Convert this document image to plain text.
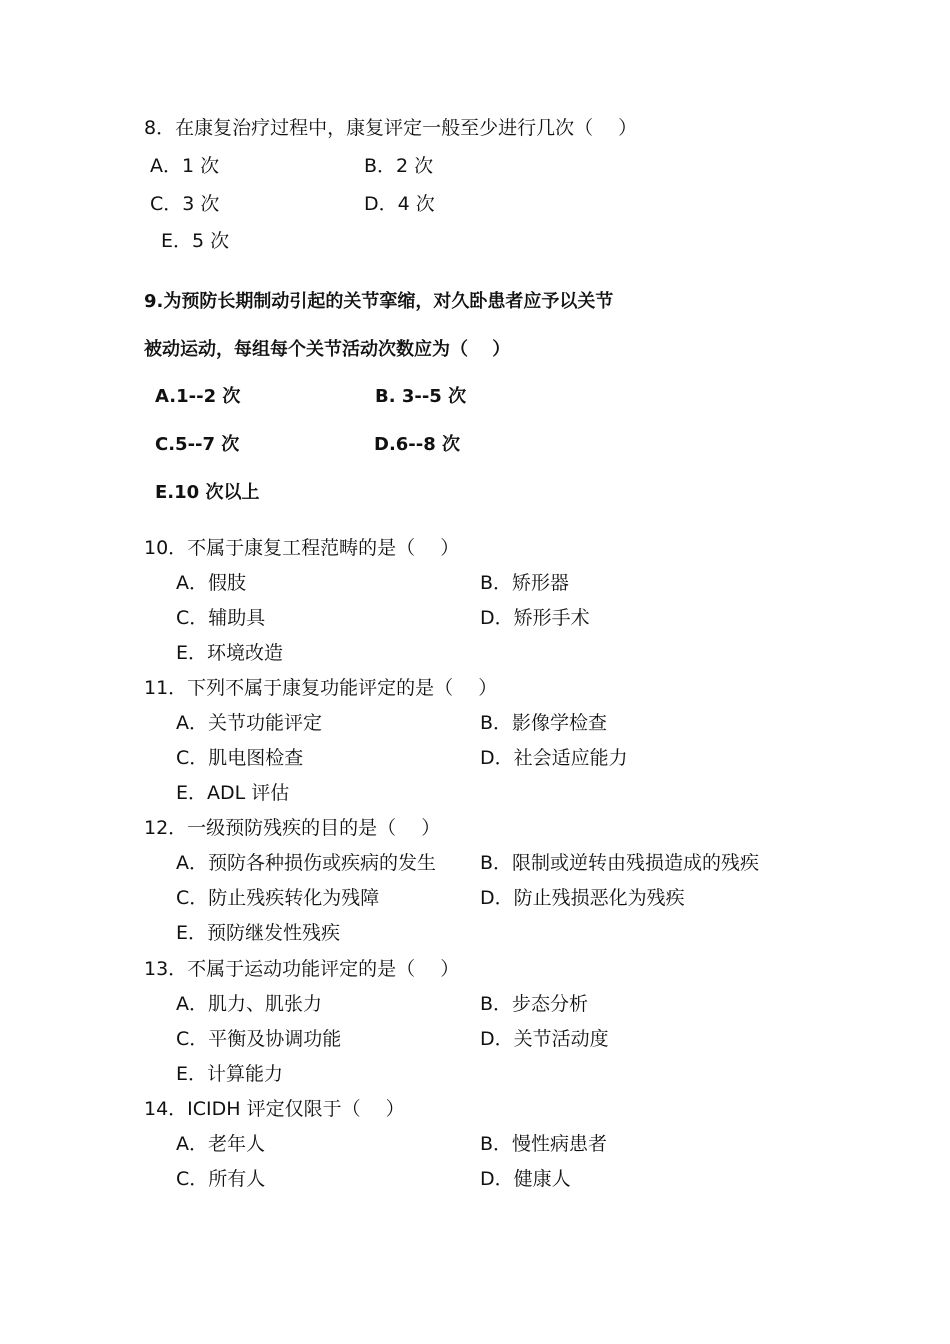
8．在康复治疗过程中，康复评定一般至少进行几次（　 ）
A．1 次	B．2 次
C．3 次	D．4 次
E．5 次
9.为预防长期制动引起的关节挛缩，对久卧患者应予以关节
被动运动，每组每个关节活动次数应为（　 ）
A.1--2 次	B. 3--5 次
C.5--7 次	D.6--8 次
E.10 次以上
10．不属于康复工程范畴的是（　 ）
A．假肢	B．矫形器
C．辅助具	D．矫形手术
E．环境改造
11．下列不属于康复功能评定的是（　 ）
A．关节功能评定	B．影像学检查
C．肌电图检查	D．社会适应能力
E．ADL 评估
12．一级预防残疾的目的是（　 ）
A．预防各种损伤或疾病的发生 B．限制或逆转由残损造成的残疾
C．防止残疾转化为残障	D．防止残损恶化为残疾
E．预防继发性残疾
13．不属于运动功能评定的是（　 ）
A．肌力、肌张力	B．步态分析
C．平衡及协调功能	D．关节活动度
E．计算能力
14．ICIDH 评定仅限于（　 ）
A．老年人	B．慢性病患者
C．所有人	D．健康人
